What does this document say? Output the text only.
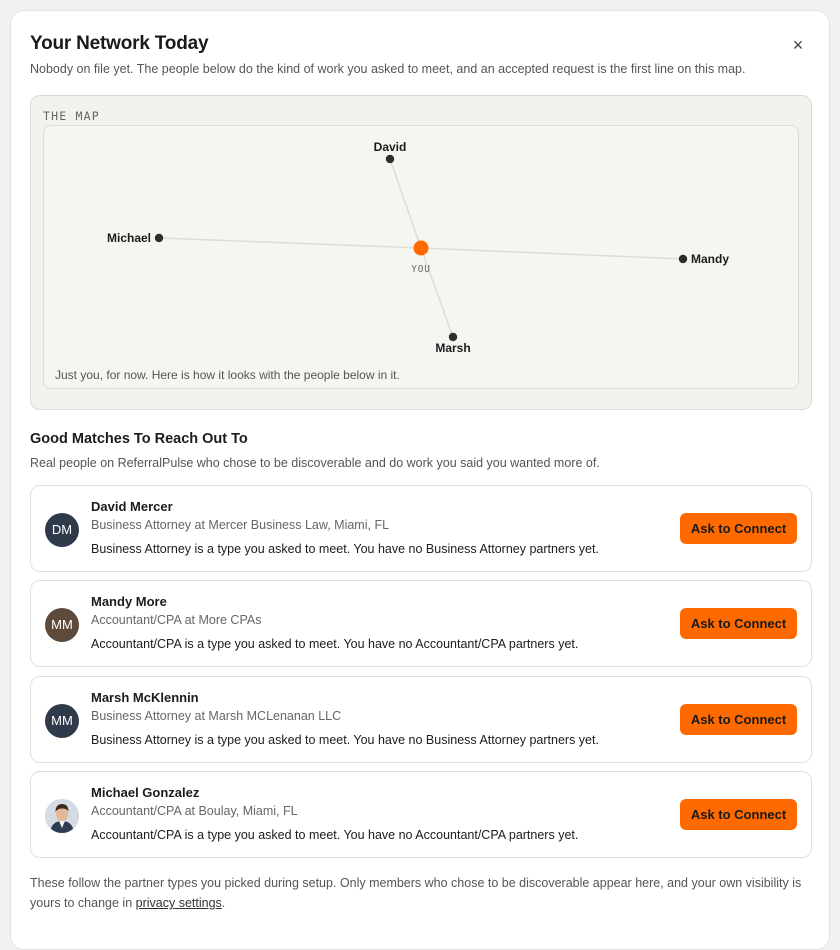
Your Network Today
Nobody on file yet. The people below do the kind of work you asked to meet, and an accepted request is the first line on this map.
×
THE MAP
David
Michael
Mandy
Marsh
YOU
Just you, for now. Here is how it looks with the people below in it.
Good Matches To Reach Out To
Real people on ReferralPulse who chose to be discoverable and do work you said you wanted more of.
DM
David Mercer
Business Attorney at Mercer Business Law, Miami, FL
Business Attorney is a type you asked to meet. You have no Business Attorney partners yet.
Ask to Connect
MM
Mandy More
Accountant/CPA at More CPAs
Accountant/CPA is a type you asked to meet. You have no Accountant/CPA partners yet.
Ask to Connect
MM
Marsh McKlennin
Business Attorney at Marsh MCLenanan LLC
Business Attorney is a type you asked to meet. You have no Business Attorney partners yet.
Ask to Connect
Michael Gonzalez
Accountant/CPA at Boulay, Miami, FL
Accountant/CPA is a type you asked to meet. You have no Accountant/CPA partners yet.
Ask to Connect
These follow the partner types you picked during setup. Only members who chose to be discoverable appear here, and your own visibility is yours to change in privacy settings.
